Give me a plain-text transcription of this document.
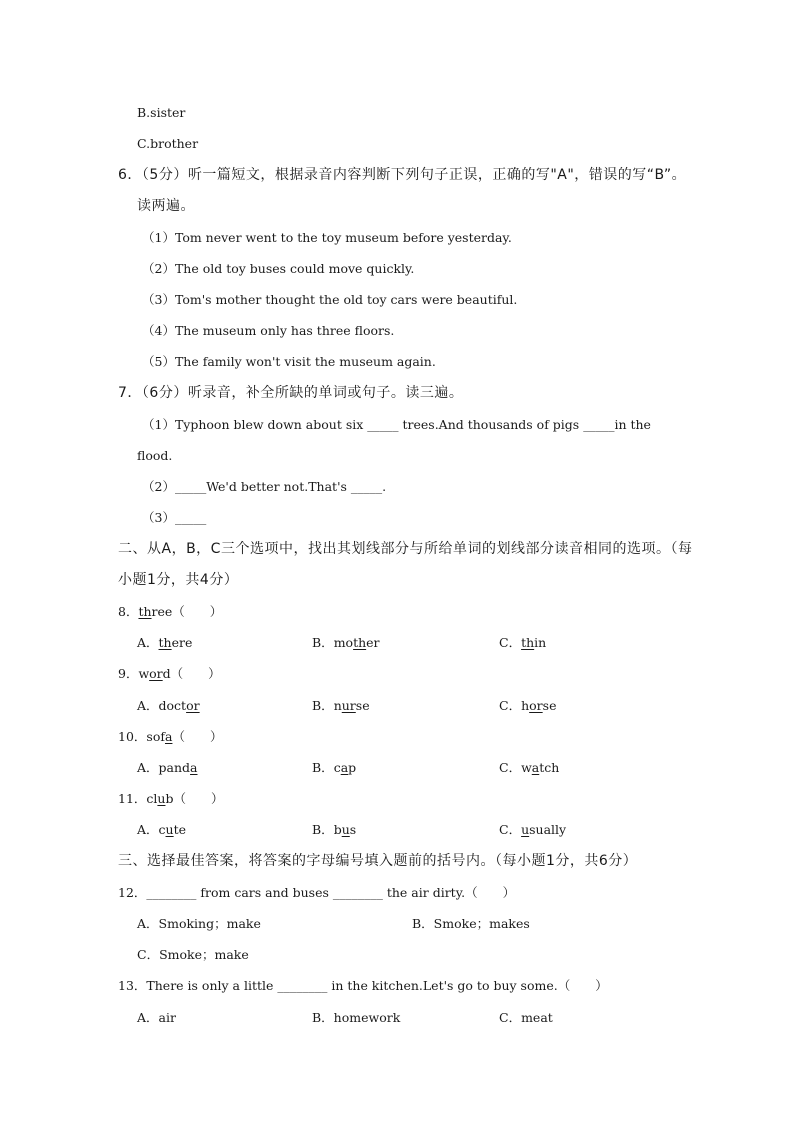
B.sister
C.brother
6．（5分）听一篇短文，根据录音内容判断下列句子正误，正确的写"A"，错误的写“B”。
读两遍。
（1）Tom never went to the toy museum before yesterday.
（2）The old toy buses could move quickly.
（3）Tom's mother thought the old toy cars were beautiful.
（4）The museum only has three floors.
（5）The family won't visit the museum again.
7．（6分）听录音，补全所缺的单词或句子。读三遍。
（1）Typhoon blew down about six _____ trees.And thousands of pigs _____in the
flood.
（2）_____We'd better not.That's _____.
（3）_____
二、从A，B，C三个选项中，找出其划线部分与所给单词的划线部分读音相同的选项。（每
小题1分，共4分）
8．three（　　）
A．there	B．mother	C．thin
9．word（　　）
A．doctor	B．nurse	C．horse
10．sofa（　　）
A．panda	B．cap	C．watch
11．club（　　）
A．cute	B．bus	C．usually
三、选择最佳答案，将答案的字母编号填入题前的括号内。（每小题1分，共6分）
12．________ from cars and buses ________ the air dirty.（　　）
A．Smoking；make	B．Smoke；makes
C．Smoke；make
13．There is only a little ________ in the kitchen.Let's go to buy some.（　　）
A．air	B．homework	C．meat
